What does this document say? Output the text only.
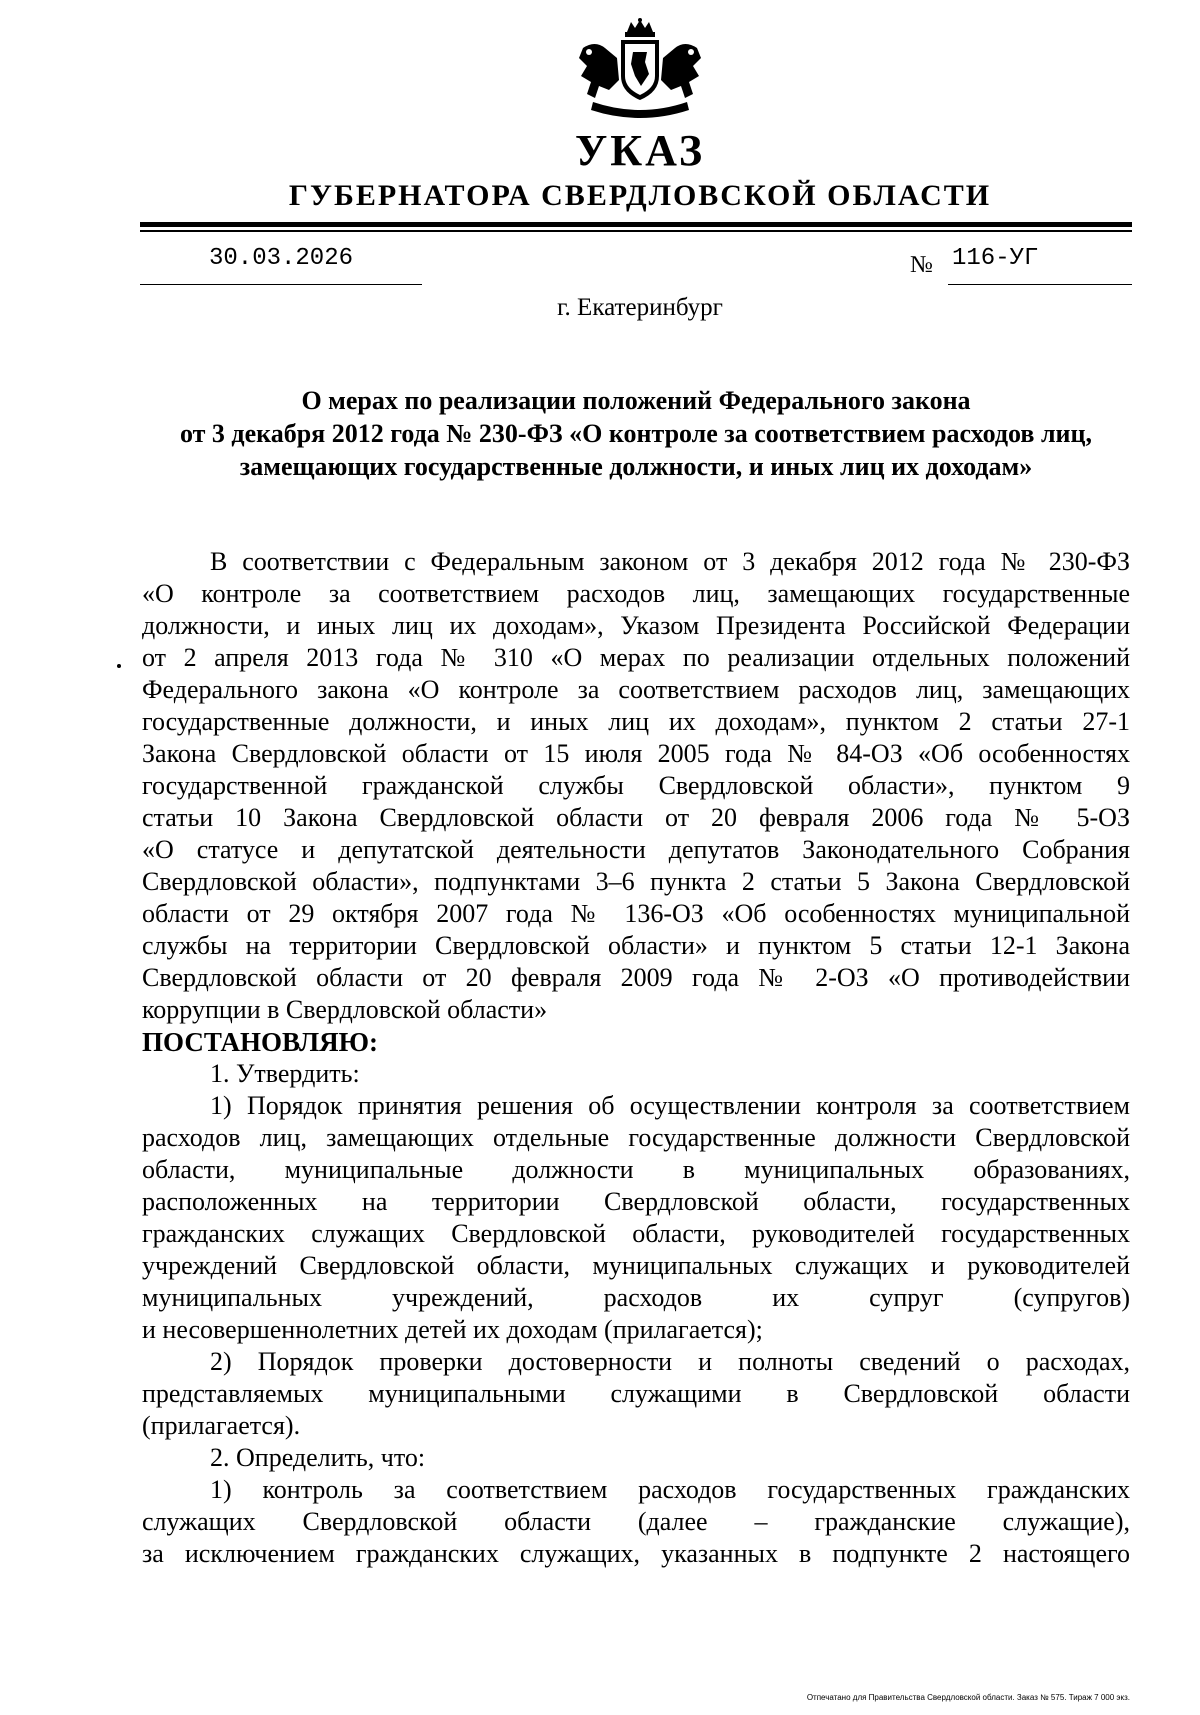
УКАЗ
ГУБЕРНАТОРА СВЕРДЛОВСКОЙ ОБЛАСТИ
30.03.2026	№ 116-УГ
г. Екатеринбург
О мерах по реализации положений Федерального закона
от 3 декабря 2012 года № 230-ФЗ «О контроле за соответствием расходов лиц,
замещающих государственные должности, и иных лиц их доходам»
В соответствии с Федеральным законом от 3 декабря 2012 года № 230-ФЗ
«О контроле за соответствием расходов лиц, замещающих государственные
должности, и иных лиц их доходам», Указом Президента Российской Федерации
от 2 апреля 2013 года № 310 «О мерах по реализации отдельных положений
Федерального закона «О контроле за соответствием расходов лиц, замещающих
государственные должности, и иных лиц их доходам», пунктом 2 статьи 27-1
Закона Свердловской области от 15 июля 2005 года № 84-ОЗ «Об особенностях
государственной гражданской службы Свердловской области», пунктом 9
статьи 10 Закона Свердловской области от 20 февраля 2006 года № 5-ОЗ
«О статусе и депутатской деятельности депутатов Законодательного Собрания
Свердловской области», подпунктами 3–6 пункта 2 статьи 5 Закона Свердловской
области от 29 октября 2007 года № 136-ОЗ «Об особенностях муниципальной
службы на территории Свердловской области» и пунктом 5 статьи 12-1 Закона
Свердловской области от 20 февраля 2009 года № 2-ОЗ «О противодействии
коррупции в Свердловской области»
ПОСТАНОВЛЯЮ:
1. Утвердить:
1) Порядок принятия решения об осуществлении контроля за соответствием
расходов лиц, замещающих отдельные государственные должности Свердловской
области, муниципальные должности в муниципальных образованиях,
расположенных на территории Свердловской области, государственных
гражданских служащих Свердловской области, руководителей государственных
учреждений Свердловской области, муниципальных служащих и руководителей
муниципальных учреждений, расходов их супруг (супругов)
и несовершеннолетних детей их доходам (прилагается);
2) Порядок проверки достоверности и полноты сведений о расходах,
представляемых муниципальными служащими в Свердловской области
(прилагается).
2. Определить, что:
1) контроль за соответствием расходов государственных гражданских
служащих Свердловской области (далее – гражданские служащие),
за исключением гражданских служащих, указанных в подпункте 2 настоящего
Отпечатано для Правительства Свердловской области. Заказ № 575. Тираж 7 000 экз.
